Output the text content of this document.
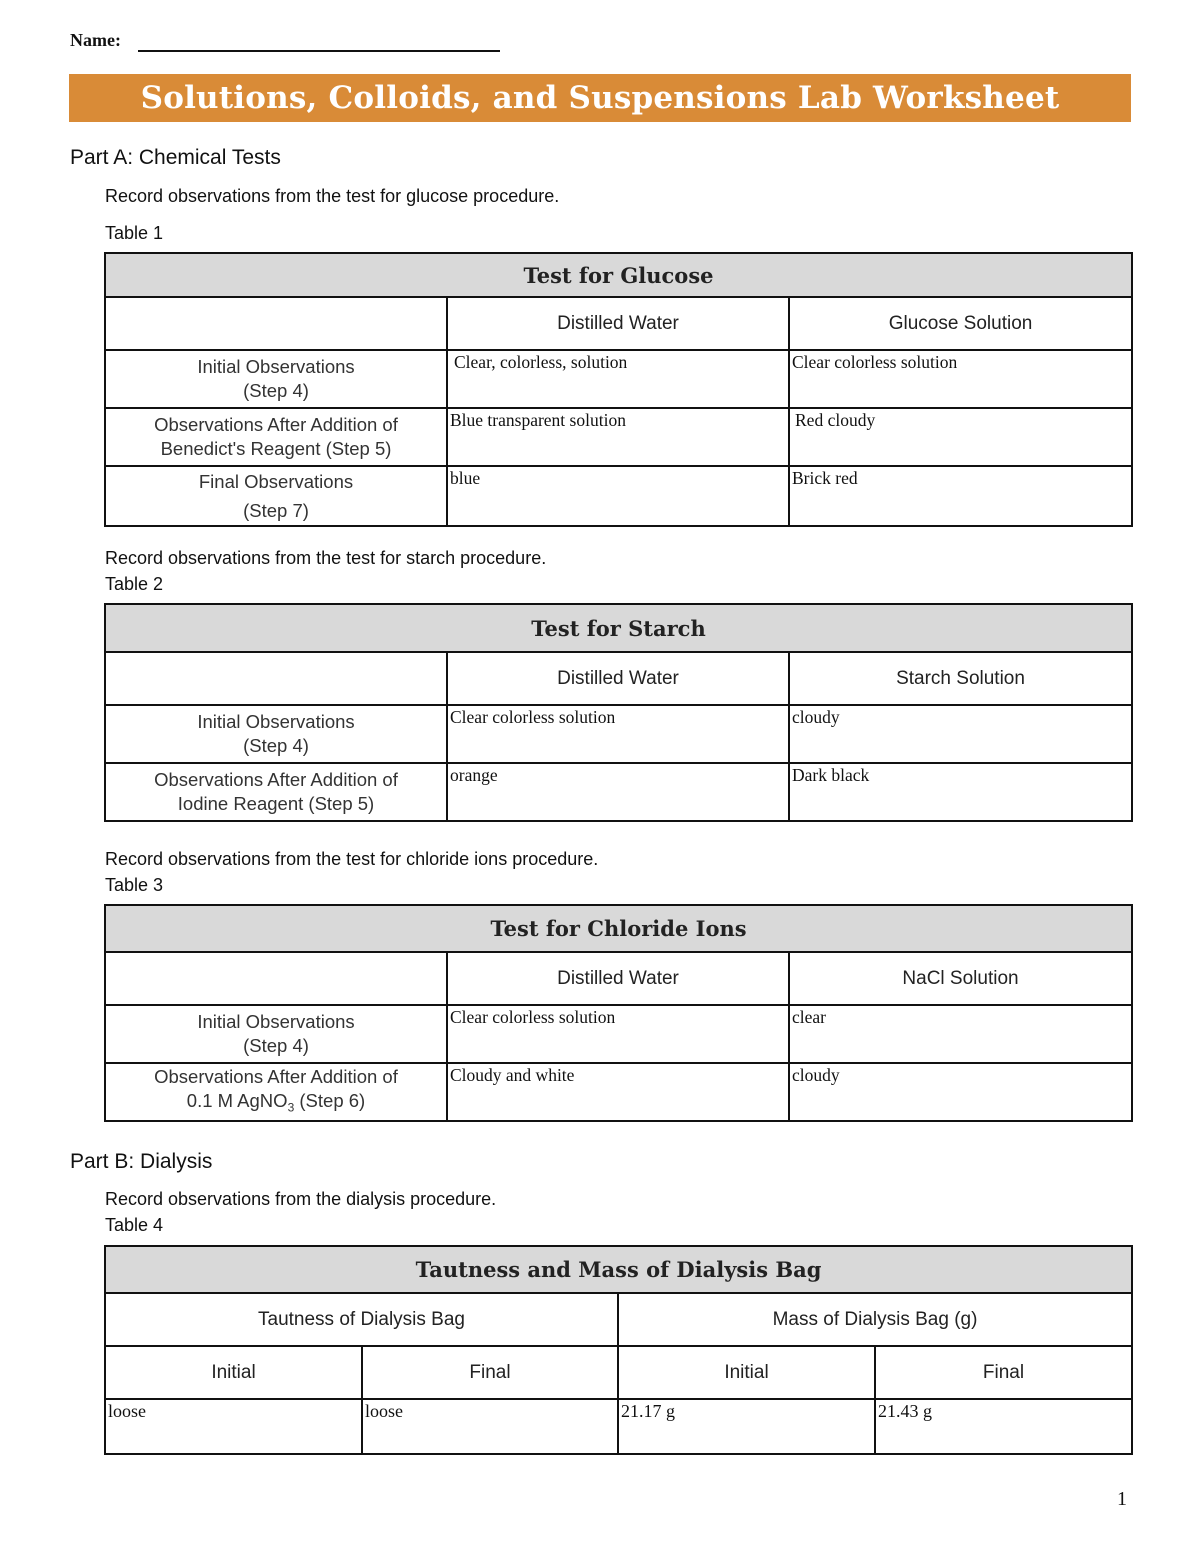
Name:
Solutions, Colloids, and Suspensions Lab Worksheet
Part A: Chemical Tests
Record observations from the test for glucose procedure.
Table 1
Test for Glucose		
	Distilled Water	Glucose Solution
Initial Observations
(Step 4)	Clear, colorless, solution	Clear colorless solution
Observations After Addition of
Benedict's Reagent (Step 5)	Blue transparent solution	Red cloudy
Final Observations
(Step 7)	blue	Brick red
Record observations from the test for starch procedure.
Table 2
Test for Starch		
	Distilled Water	Starch Solution
Initial Observations
(Step 4)	Clear colorless solution	cloudy
Observations After Addition of
Iodine Reagent (Step 5)	orange	Dark black
Record observations from the test for chloride ions procedure.
Table 3
Test for Chloride Ions		
	Distilled Water	NaCl Solution
Initial Observations
(Step 4)	Clear colorless solution	clear
Observations After Addition of
0.1 M AgNO$_3$ (Step 6)	Cloudy and white	cloudy
Part B: Dialysis
Record observations from the dialysis procedure.
Table 4
Tautness and Mass of Dialysis Bag			
Tautness of Dialysis Bag		Mass of Dialysis Bag (g)	
Initial	Final	Initial	Final
loose	loose	21.17 g	21.43 g
1
